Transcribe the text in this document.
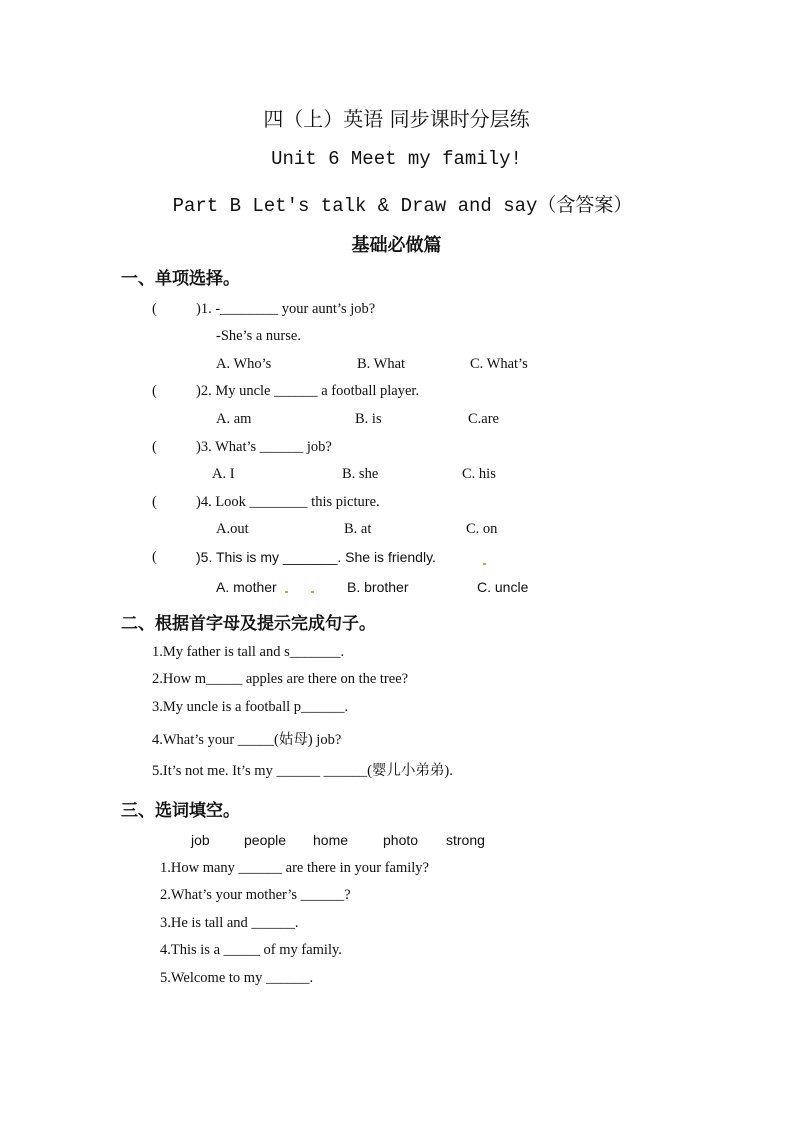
四（上）英语 同步课时分层练
Unit 6 Meet my family!
Part B Let's talk & Draw and say（含答案）
基础必做篇
一、单项选择。
(	)1. -________ your aunt’s job?
-She’s a nurse.
A. Who’s	B. What	C. What’s
(	)2. My uncle ______ a football player.
A. am	B. is	C.are
(	)3. What’s ______ job?
A. I	B. she	C. his
(	)4. Look ________ this picture.
A.out	B. at	C. on
(	)5. This is my _______. She is friendly.
A. mother	B. brother	C. uncle
二、根据首字母及提示完成句子。
1.My father is tall and s_______.
2.How m_____ apples are there on the tree?
3.My uncle is a football p______.
4.What’s your _____(姑母) job?
5.It’s not me. It’s my ______ ______(婴儿小弟弟).
三、选词填空。
job people home photo strong
1.How many ______ are there in your family?
2.What’s your mother’s ______?
3.He is tall and ______.
4.This is a _____ of my family.
5.Welcome to my ______.
